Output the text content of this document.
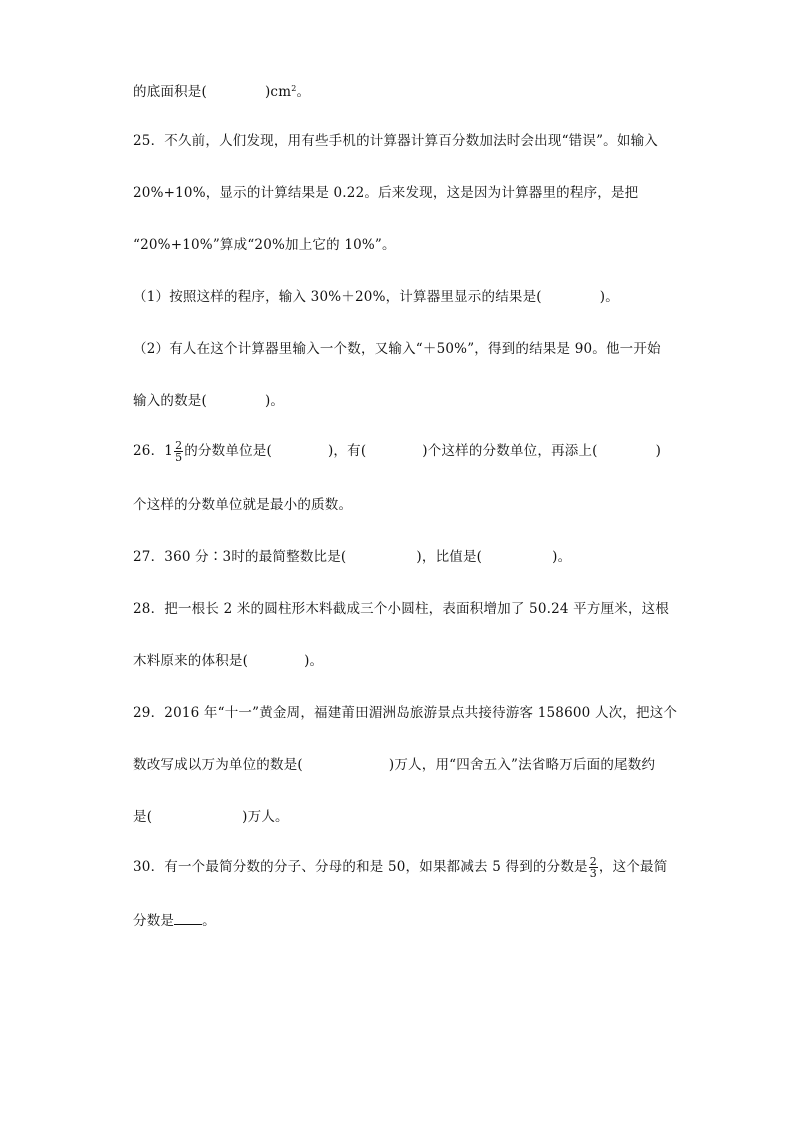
的底面积是(	)$cm^2$。
25．不久前，人们发现，用有些手机的计算器计算百分数加法时会出现“错误”。如输入
20%+10%，显示的计算结果是 0.22。后来发现，这是因为计算器里的程序，是把
“20%+10%”算成“20%加上它的 10%”。
（1）按照这样的程序，输入 30%＋20%，计算器里显示的结果是(	)。
（2）有人在这个计算器里输入一个数，又输入“＋50%”，得到的结果是 90。他一开始
输入的数是(	)。
26．$1 \frac{2}{5}$ 的分数单位是(	)，有(	)个这样的分数单位，再添上(	)
个这样的分数单位就是最小的质数。
27．360 分∶3时的最简整数比是(	)，比值是(	)。
28．把一根长 2 米的圆柱形木料截成三个小圆柱，表面积增加了 50.24 平方厘米，这根
木料原来的体积是(	)。
29．2016 年“十一”黄金周，福建莆田湄洲岛旅游景点共接待游客 158600 人次，把这个
数改写成以万为单位的数是(	)万人，用“四舍五入”法省略万后面的尾数约
是(	)万人。
30．有一个最简分数的分子、分母的和是 50，如果都减去 5 得到的分数是 $\frac{2}{3}$ ，这个最简
分数是 。
